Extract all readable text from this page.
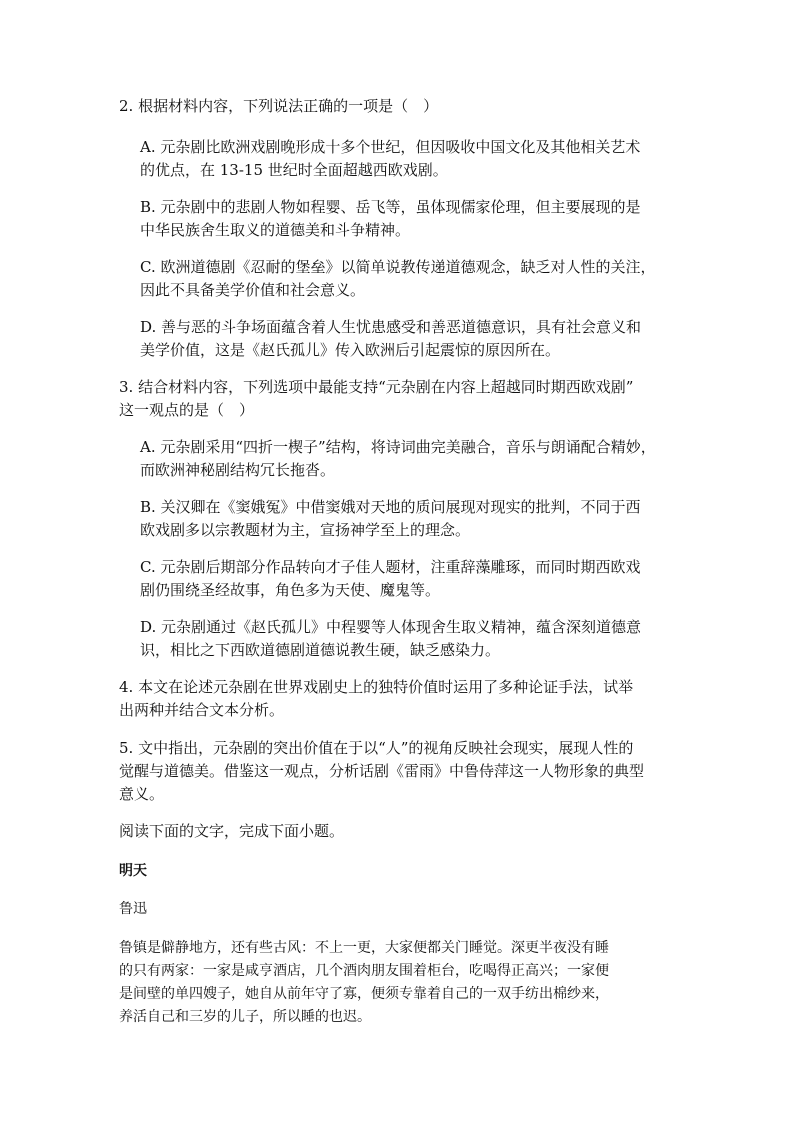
2. 根据材料内容，下列说法正确的一项是（　）
A. 元杂剧比欧洲戏剧晚形成十多个世纪，但因吸收中国文化及其他相关艺术
的优点，在 13-15 世纪时全面超越西欧戏剧。
B. 元杂剧中的悲剧人物如程婴、岳飞等，虽体现儒家伦理，但主要展现的是
中华民族舍生取义的道德美和斗争精神。
C. 欧洲道德剧《忍耐的堡垒》以简单说教传递道德观念，缺乏对人性的关注，
因此不具备美学价值和社会意义。
D. 善与恶的斗争场面蕴含着人生忧患感受和善恶道德意识，具有社会意义和
美学价值，这是《赵氏孤儿》传入欧洲后引起震惊的原因所在。
3. 结合材料内容，下列选项中最能支持“元杂剧在内容上超越同时期西欧戏剧”
这一观点的是（　）
A. 元杂剧采用“四折一楔子”结构，将诗词曲完美融合，音乐与朗诵配合精妙，
而欧洲神秘剧结构冗长拖沓。
B. 关汉卿在《窦娥冤》中借窦娥对天地的质问展现对现实的批判，不同于西
欧戏剧多以宗教题材为主，宣扬神学至上的理念。
C. 元杂剧后期部分作品转向才子佳人题材，注重辞藻雕琢，而同时期西欧戏
剧仍围绕圣经故事，角色多为天使、魔鬼等。
D. 元杂剧通过《赵氏孤儿》中程婴等人体现舍生取义精神，蕴含深刻道德意
识，相比之下西欧道德剧道德说教生硬，缺乏感染力。
4. 本文在论述元杂剧在世界戏剧史上的独特价值时运用了多种论证手法，试举
出两种并结合文本分析。
5. 文中指出，元杂剧的突出价值在于以“人”的视角反映社会现实，展现人性的
觉醒与道德美。借鉴这一观点，分析话剧《雷雨》中鲁侍萍这一人物形象的典型
意义。
阅读下面的文字，完成下面小题。
明天
鲁迅
鲁镇是僻静地方，还有些古风：不上一更，大家便都关门睡觉。深更半夜没有睡
的只有两家：一家是咸亨酒店，几个酒肉朋友围着柜台，吃喝得正高兴；一家便
是间壁的单四嫂子，她自从前年守了寡，便须专靠着自己的一双手纺出棉纱来，
养活自己和三岁的儿子，所以睡的也迟。
